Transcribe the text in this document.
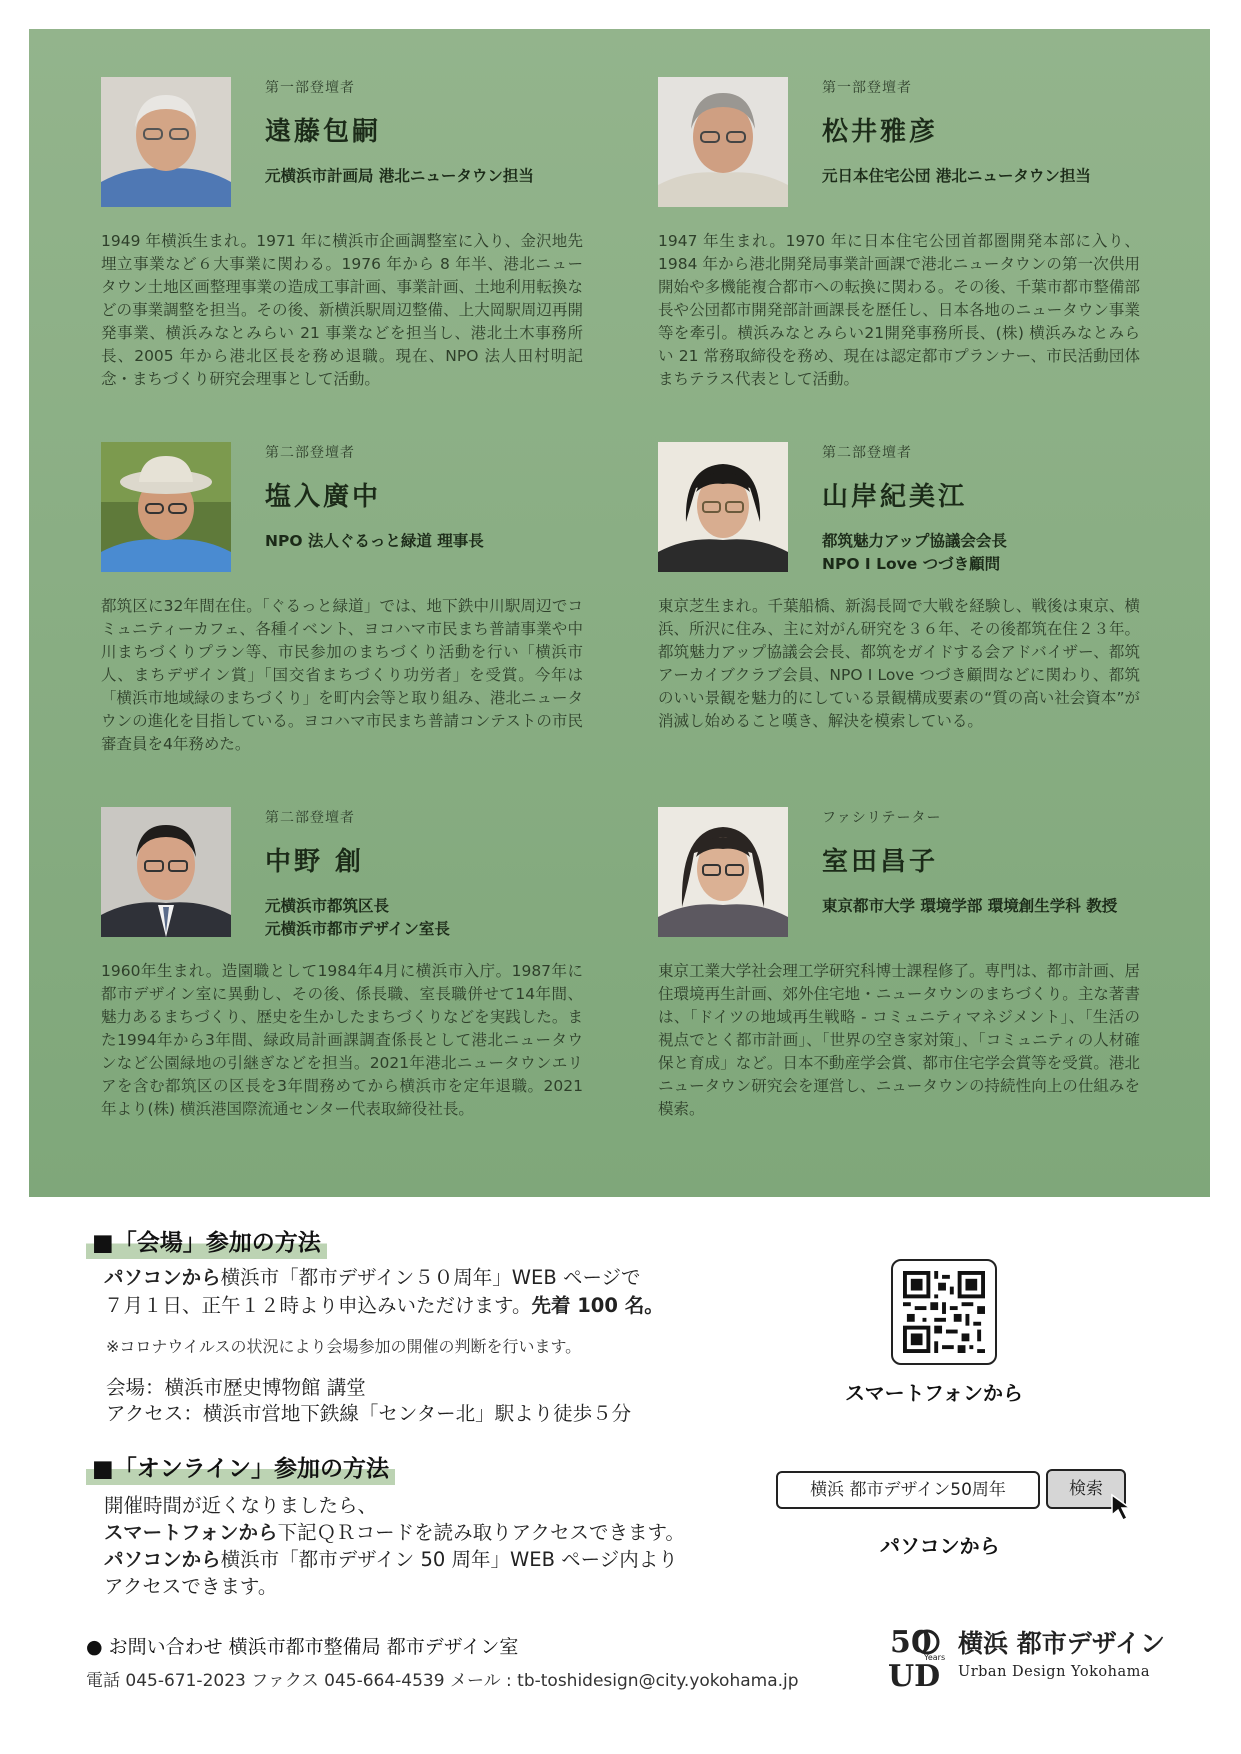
第一部登壇者
遠藤包嗣
元横浜市計画局 港北ニュータウン担当
1949 年横浜生まれ。1971 年に横浜市企画調整室に入り、金沢地先埋立事業など６大事業に関わる。1976 年から 8 年半、港北ニュータウン土地区画整理事業の造成工事計画、事業計画、土地利用転換などの事業調整を担当。その後、新横浜駅周辺整備、上大岡駅周辺再開発事業、横浜みなとみらい 21 事業などを担当し、港北土木事務所長、2005 年から港北区長を務め退職。現在、NPO 法人田村明記念・まちづくり研究会理事として活動。
第一部登壇者
松井雅彦
元日本住宅公団 港北ニュータウン担当
1947 年生まれ。1970 年に日本住宅公団首都圏開発本部に入り、1984 年から港北開発局事業計画課で港北ニュータウンの第一次供用開始や多機能複合都市への転換に関わる。その後、千葉市都市整備部長や公団都市開発部計画課長を歴任し、日本各地のニュータウン事業等を牽引。横浜みなとみらい21開発事務所長、(株) 横浜みなとみらい 21 常務取締役を務め、現在は認定都市プランナー、市民活動団体まちテラス代表として活動。
第二部登壇者
塩入廣中
NPO 法人ぐるっと緑道 理事長
都筑区に32年間在住。「ぐるっと緑道」では、地下鉄中川駅周辺でコミュニティーカフェ、各種イベント、ヨコハマ市民まち普請事業や中川まちづくりプラン等、市民参加のまちづくり活動を行い「横浜市人、まちデザイン賞」「国交省まちづくり功労者」を受賞。今年は「横浜市地域緑のまちづくり」を町内会等と取り組み、港北ニュータウンの進化を目指している。ヨコハマ市民まち普請コンテストの市民審査員を4年務めた。
第二部登壇者
山岸紀美江
都筑魅力アップ協議会会長
NPO I Love つづき顧問
東京芝生まれ。千葉船橋、新潟長岡で大戦を経験し、戦後は東京、横浜、所沢に住み、主に対がん研究を３６年、その後都筑在住２３年。都筑魅力アップ協議会会長、都筑をガイドする会アドバイザー、都筑アーカイブクラブ会員、NPO I Love つづき顧問などに関わり、都筑のいい景観を魅力的にしている景観構成要素の“質の高い社会資本”が消滅し始めること嘆き、解決を模索している。
第二部登壇者
中野 創
元横浜市都筑区長
元横浜市都市デザイン室長
1960年生まれ。造園職として1984年4月に横浜市入庁。1987年に都市デザイン室に異動し、その後、係長職、室長職併せて14年間、魅力あるまちづくり、歴史を生かしたまちづくりなどを実践した。また1994年から3年間、緑政局計画課調査係長として港北ニュータウンなど公園緑地の引継ぎなどを担当。2021年港北ニュータウンエリアを含む都筑区の区長を3年間務めてから横浜市を定年退職。2021年より(株) 横浜港国際流通センター代表取締役社長。
ファシリテーター
室田昌子
東京都市大学 環境学部 環境創生学科 教授
東京工業大学社会理工学研究科博士課程修了。専門は、都市計画、居住環境再生計画、郊外住宅地・ニュータウンのまちづくり。主な著書は、「ドイツの地域再生戦略 - コミュニティマネジメント」、「生活の視点でとく都市計画」、「世界の空き家対策」、「コミュニティの人材確保と育成」など。日本不動産学会賞、都市住宅学会賞等を受賞。港北ニュータウン研究会を運営し、ニュータウンの持続性向上の仕組みを模索。
■「会場」参加の方法
パソコンから横浜市「都市デザイン５０周年」WEB ページで
７月１日、正午１２時より申込みいただけます。先着 100 名。
※コロナウイルスの状況により会場参加の開催の判断を行います。
会場：横浜市歴史博物館 講堂
アクセス：横浜市営地下鉄線「センター北」駅より徒歩５分
■「オンライン」参加の方法
開催時間が近くなりましたら、
スマートフォンから下記ＱＲコードを読み取りアクセスできます。
パソコンから横浜市「都市デザイン 50 周年」WEB ページ内より
アクセスできます。
スマートフォンから
横浜 都市デザイン50周年	検索
パソコンから
● お問い合わせ 横浜市都市整備局 都市デザイン室
電話 045-671-2023 ファクス 045-664-4539 メール : tb-toshidesign@city.yokohama.jp
50
Years
UD
横浜 都市デザイン
Urban Design Yokohama
